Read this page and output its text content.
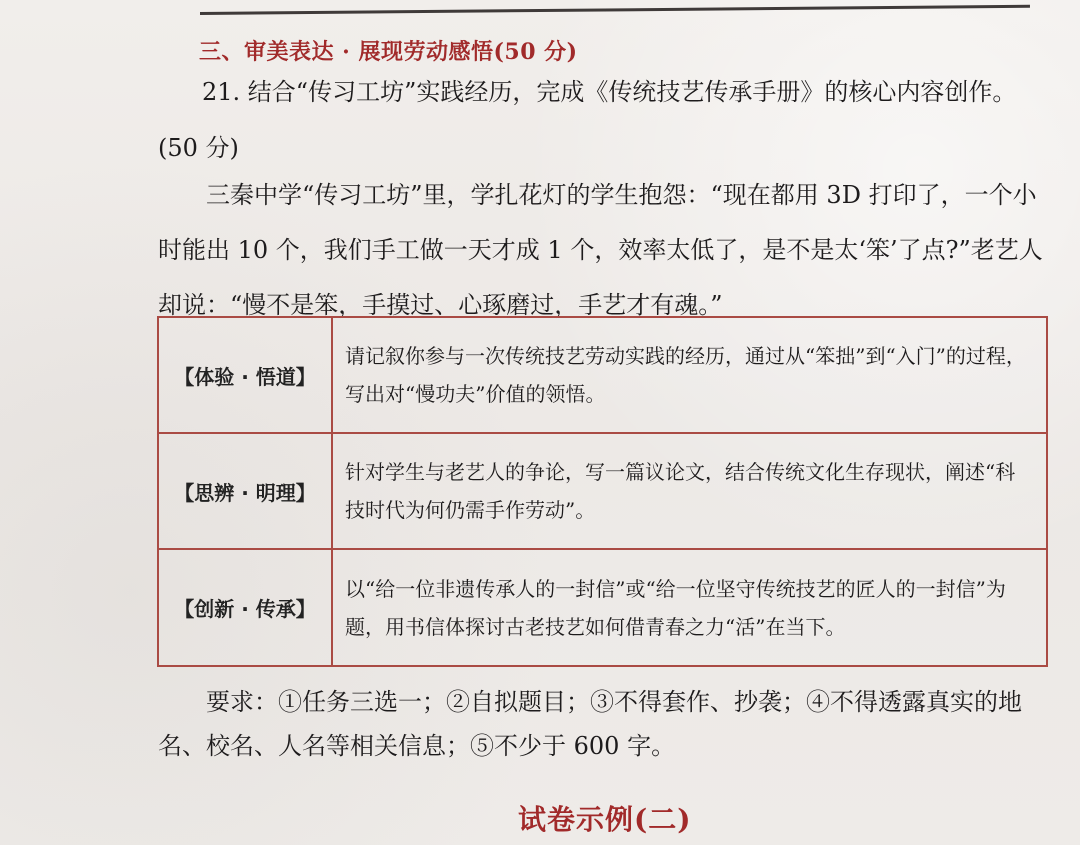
三、审美表达 · 展现劳动感悟(50 分)
21. 结合“传习工坊”实践经历，完成《传统技艺传承手册》的核心内容创作。
(50 分)
三秦中学“传习工坊”里，学扎花灯的学生抱怨：“现在都用 3D 打印了，一个小时能出 10 个，我们手工做一天才成 1 个，效率太低了，是不是太‘笨’了点?”老艺人却说：“慢不是笨，手摸过、心琢磨过，手艺才有魂。”
【体验 · 悟道】	请记叙你参与一次传统技艺劳动实践的经历，通过从“笨拙”到“入门”的过程，写出对“慢功夫”价值的领悟。
【思辨 · 明理】	针对学生与老艺人的争论，写一篇议论文，结合传统文化生存现状，阐述“科技时代为何仍需手作劳动”。
【创新 · 传承】	以“给一位非遗传承人的一封信”或“给一位坚守传统技艺的匠人的一封信”为题，用书信体探讨古老技艺如何借青春之力“活”在当下。
要求：①任务三选一；②自拟题目；③不得套作、抄袭；④不得透露真实的地名、校名、人名等相关信息；⑤不少于 600 字。
试卷示例(二)
